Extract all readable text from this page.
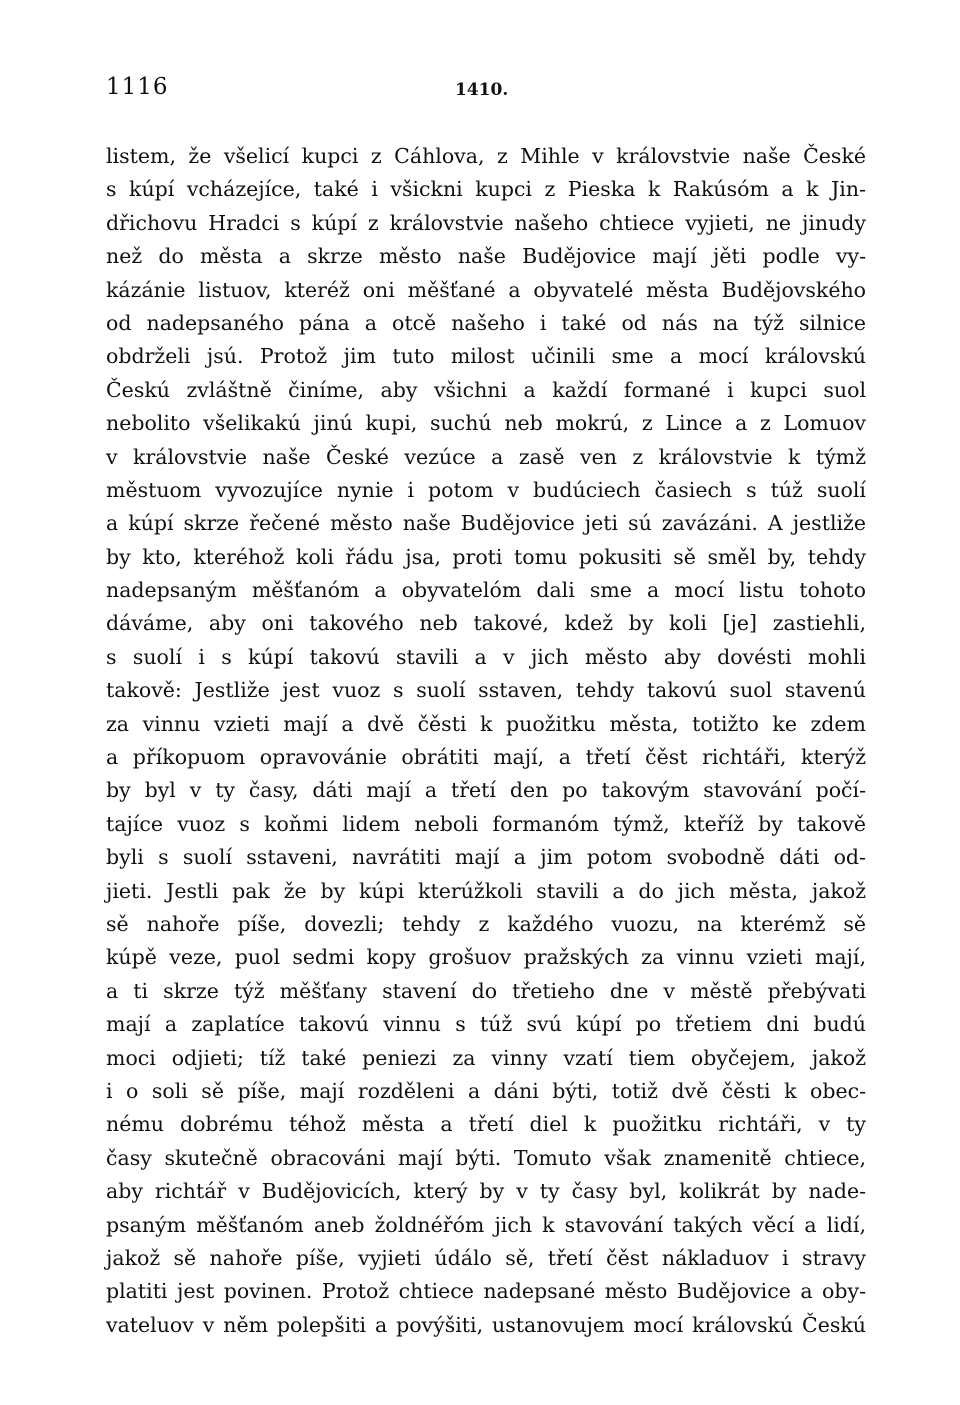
1116	1410.
listem, že všelicí kupci z Cáhlova, z Mihle v královstvie naše České
s kúpí vcházejíce, také i všickni kupci z Pieska k Rakúsóm a k Jin-
dřichovu Hradci s kúpí z královstvie našeho chtiece vyjieti, ne jinudy
než do města a skrze město naše Budějovice mají jěti podle vy-
kázánie listuov, kteréž oni měšťané a obyvatelé města Budějovského
od nadepsaného pána a otcě našeho i také od nás na týž silnice
obdrželi jsú. Protož jim tuto milost učinili sme a mocí královskú
Českú zvláštně činíme, aby všichni a každí formané i kupci suol
nebolito všelikakú jinú kupi, suchú neb mokrú, z Lince a z Lomuov
v královstvie naše České vezúce a zasě ven z královstvie k týmž
městuom vyvozujíce nynie i potom v budúciech časiech s túž suolí
a kúpí skrze řečené město naše Budějovice jeti sú zavázáni. A jestliže
by kto, kteréhož koli řádu jsa, proti tomu pokusiti sě směl by, tehdy
nadepsaným měšťanóm a obyvatelóm dali sme a mocí listu tohoto
dáváme, aby oni takového neb takové, kdež by koli [je] zastiehli,
s suolí i s kúpí takovú stavili a v jich město aby dovésti mohli
takově: Jestliže jest vuoz s suolí sstaven, tehdy takovú suol stavenú
za vinnu vzieti mají a dvě čěsti k puožitku města, totižto ke zdem
a příkopuom opravovánie obrátiti mají, a třetí čěst richtáři, kterýž
by byl v ty časy, dáti mají a třetí den po takovým stavování počí-
tajíce vuoz s koňmi lidem neboli formanóm týmž, kteříž by takově
byli s suolí sstaveni, navrátiti mají a jim potom svobodně dáti od-
jieti. Jestli pak že by kúpi kterúžkoli stavili a do jich města, jakož
sě nahoře píše, dovezli; tehdy z každého vuozu, na kterémž sě
kúpě veze, puol sedmi kopy grošuov pražských za vinnu vzieti mají,
a ti skrze týž měšťany stavení do třetieho dne v městě přebývati
mají a zaplatíce takovú vinnu s túž svú kúpí po třetiem dni budú
moci odjieti; tíž také peniezi za vinny vzatí tiem obyčejem, jakož
i o soli sě píše, mají rozděleni a dáni býti, totiž dvě čěsti k obec-
nému dobrému téhož města a třetí diel k puožitku richtáři, v ty
časy skutečně obracováni mají býti. Tomuto však znamenitě chtiece,
aby richtář v Budějovicích, který by v ty časy byl, kolikrát by nade-
psaným měšťanóm aneb žoldnéřóm jich k stavování takých věcí a lidí,
jakož sě nahoře píše, vyjieti údálo sě, třetí čěst nákladuov i stravy
platiti jest povinen. Protož chtiece nadepsané město Budějovice a oby-
vateluov v něm polepšiti a povýšiti, ustanovujem mocí královskú Českú
